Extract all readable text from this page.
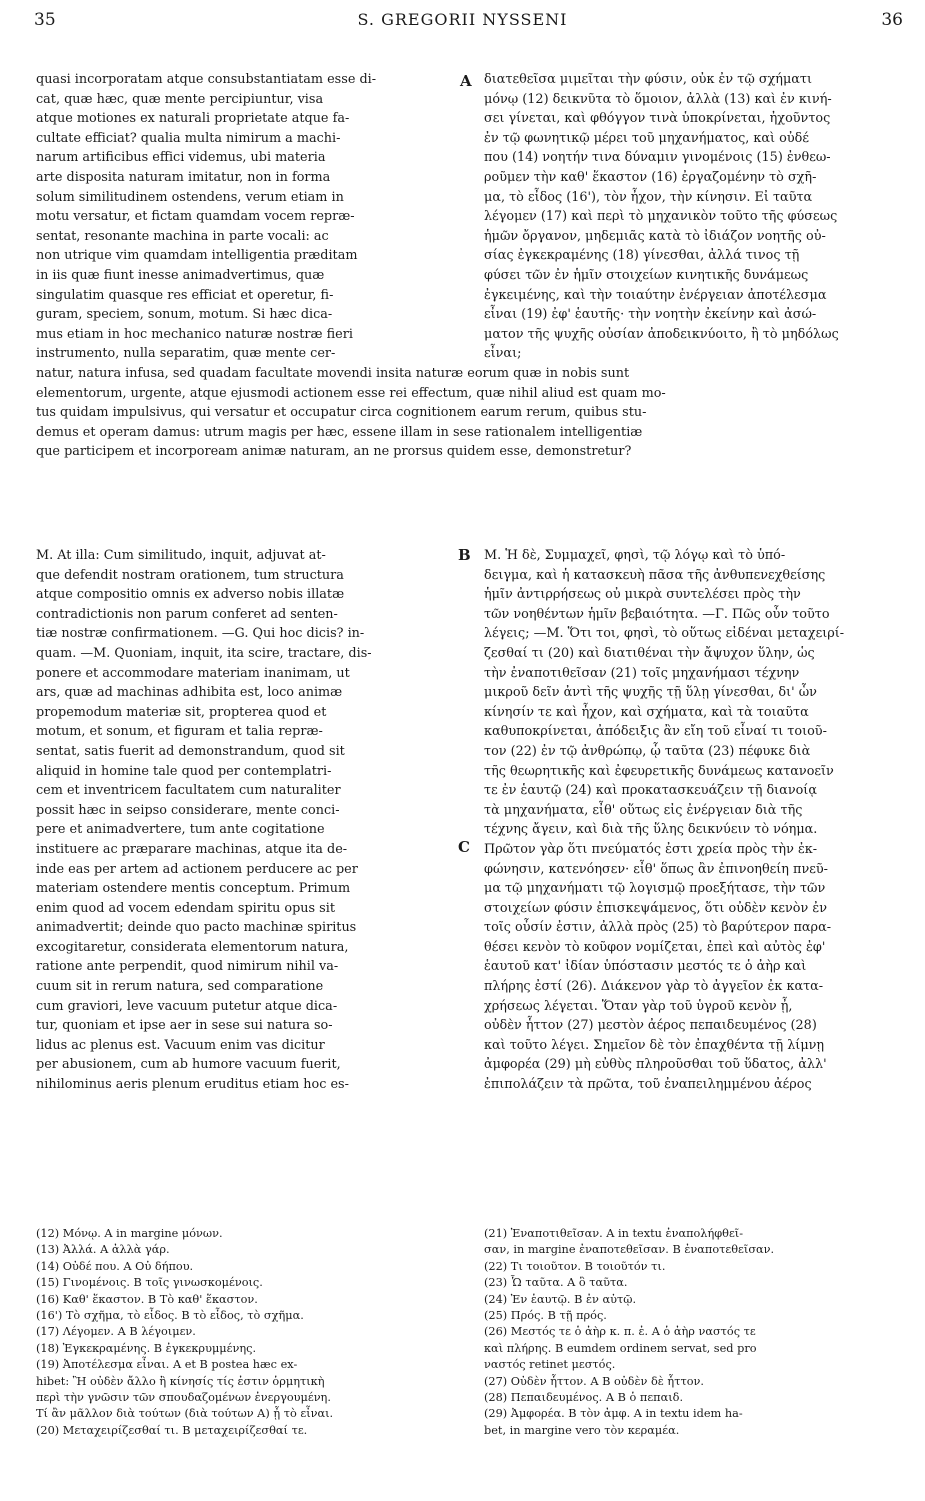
35	S. GREGORII NYSSENI	36
A
B
C
quasi incorporatam atque consubstantiatam esse di-
cat, quæ hæc, quæ mente percipiuntur, visa
atque motiones ex naturali proprietate atque fa-
cultate efficiat? qualia multa nimirum a machi-
narum artificibus effici videmus, ubi materia
arte disposita naturam imitatur, non in forma
solum similitudinem ostendens, verum etiam in
motu versatur, et fictam quamdam vocem repræ-
sentat, resonante machina in parte vocali: ac
non utrique vim quamdam intelligentia præditam
in iis quæ fiunt inesse animadvertimus, quæ
singulatim quasque res efficiat et operetur, fi-
guram, speciem, sonum, motum. Si hæc dica-
mus etiam in hoc mechanico naturæ nostræ fieri
instrumento, nulla separatim, quæ mente cer-
διατεθεῖσα μιμεῖται τὴν φύσιν, οὐκ ἐν τῷ σχήματι
μόνῳ (12) δεικνῦτα τὸ ὅμοιον, ἀλλὰ (13) καὶ ἐν κινή-
σει γίνεται, καὶ φθόγγον τινὰ ὑποκρίνεται, ἠχοῦντος
ἐν τῷ φωνητικῷ μέρει τοῦ μηχανήματος, καὶ οὐδέ
που (14) νοητήν τινα δύναμιν γινομένοις (15) ἐνθεω-
ροῦμεν τὴν καθ' ἕκαστον (16) ἐργαζομένην τὸ σχῆ-
μα, τὸ εἶδος (16'), τὸν ἦχον, τὴν κίνησιν. Εἰ ταῦτα
λέγομεν (17) καὶ περὶ τὸ μηχανικὸν τοῦτο τῆς φύσεως
ἡμῶν ὄργανον, μηδεμιᾶς κατὰ τὸ ἰδιάζον νοητῆς οὐ-
σίας ἐγκεκραμένης (18) γίνεσθαι, ἀλλά τινος τῇ
φύσει τῶν ἐν ἡμῖν στοιχείων κινητικῆς δυνάμεως
ἐγκειμένης, καὶ τὴν τοιαύτην ἐνέργειαν ἀποτέλεσμα
εἶναι (19) ἐφ' ἑαυτῆς· τὴν νοητὴν ἐκείνην καὶ ἀσώ-
ματον τῆς ψυχῆς οὐσίαν ἀποδεικνύοιτο, ἢ τὸ μηδόλως
εἶναι;
natur, natura infusa, sed quadam facultate movendi insita naturæ eorum quæ in nobis sunt
elementorum, urgente, atque ejusmodi actionem esse rei effectum, quæ nihil aliud est quam mo-
tus quidam impulsivus, qui versatur et occupatur circa cognitionem earum rerum, quibus stu-
demus et operam damus: utrum magis per hæc, essene illam in sese rationalem intelligentiæ
que participem et incorpoream animæ naturam, an ne prorsus quidem esse, demonstretur?
M. At illa: Cum similitudo, inquit, adjuvat at-
que defendit nostram orationem, tum structura
atque compositio omnis ex adverso nobis illatæ
contradictionis non parum conferet ad senten-
tiæ nostræ confirmationem. —G. Qui hoc dicis? in-
quam. —M. Quoniam, inquit, ita scire, tractare, dis-
ponere et accommodare materiam inanimam, ut
ars, quæ ad machinas adhibita est, loco animæ
propemodum materiæ sit, propterea quod et
motum, et sonum, et figuram et talia repræ-
sentat, satis fuerit ad demonstrandum, quod sit
aliquid in homine tale quod per contemplatri-
cem et inventricem facultatem cum naturaliter
possit hæc in seipso considerare, mente conci-
pere et animadvertere, tum ante cogitatione
instituere ac præparare machinas, atque ita de-
inde eas per artem ad actionem perducere ac per
materiam ostendere mentis conceptum. Primum
enim quod ad vocem edendam spiritu opus sit
animadvertit; deinde quo pacto machinæ spiritus
excogitaretur, considerata elementorum natura,
ratione ante perpendit, quod nimirum nihil va-
cuum sit in rerum natura, sed comparatione
cum graviori, leve vacuum putetur atque dica-
tur, quoniam et ipse aer in sese sui natura so-
lidus ac plenus est. Vacuum enim vas dicitur
per abusionem, cum ab humore vacuum fuerit,
nihilominus aeris plenum eruditus etiam hoc es-
M. Ἡ δὲ, Συμμαχεῖ, φησὶ, τῷ λόγῳ καὶ τὸ ὑπό-
δειγμα, καὶ ἡ κατασκευὴ πᾶσα τῆς ἀνθυπενεχθείσης
ἡμῖν ἀντιρρήσεως οὐ μικρὰ συντελέσει πρὸς τὴν
τῶν νοηθέντων ἡμῖν βεβαιότητα. —Γ. Πῶς οὖν τοῦτο
λέγεις; —Μ. Ὅτι τοι, φησὶ, τὸ οὕτως εἰδέναι μεταχειρί-
ζεσθαί τι (20) καὶ διατιθέναι τὴν ἄψυχον ὕλην, ὡς
τὴν ἐναποτιθεῖσαν (21) τοῖς μηχανήμασι τέχνην
μικροῦ δεῖν ἀντὶ τῆς ψυχῆς τῇ ὕλῃ γίνεσθαι, δι' ὧν
κίνησίν τε καὶ ἦχον, καὶ σχήματα, καὶ τὰ τοιαῦτα
καθυποκρίνεται, ἀπόδειξις ἂν εἴη τοῦ εἶναί τι τοιοῦ-
τον (22) ἐν τῷ ἀνθρώπῳ, ᾧ ταῦτα (23) πέφυκε διὰ
τῆς θεωρητικῆς καὶ ἐφευρετικῆς δυνάμεως κατανοεῖν
τε ἐν ἑαυτῷ (24) καὶ προκατασκευάζειν τῇ διανοίᾳ
τὰ μηχανήματα, εἶθ' οὕτως εἰς ἐνέργειαν διὰ τῆς
τέχνης ἄγειν, καὶ διὰ τῆς ὕλης δεικνύειν τὸ νόημα.
Πρῶτον γὰρ ὅτι πνεύματός ἐστι χρεία πρὸς τὴν ἐκ-
φώνησιν, κατενόησεν· εἶθ' ὅπως ἂν ἐπινοηθείη πνεῦ-
μα τῷ μηχανήματι τῷ λογισμῷ προεξήτασε, τὴν τῶν
στοιχείων φύσιν ἐπισκεψάμενος, ὅτι οὐδὲν κενὸν ἐν
τοῖς οὖσίν ἐστιν, ἀλλὰ πρὸς (25) τὸ βαρύτερον παρα-
θέσει κενὸν τὸ κοῦφον νομίζεται, ἐπεὶ καὶ αὐτὸς ἐφ'
ἑαυτοῦ κατ' ἰδίαν ὑπόστασιν μεστός τε ὁ ἀὴρ καὶ
πλήρης ἐστί (26). Διάκενον γὰρ τὸ ἀγγεῖον ἐκ κατα-
χρήσεως λέγεται. Ὅταν γὰρ τοῦ ὑγροῦ κενὸν ᾖ,
οὐδὲν ἧττον (27) μεστὸν ἀέρος πεπαιδευμένος (28)
καὶ τοῦτο λέγει. Σημεῖον δὲ τὸν ἐπαχθέντα τῇ λίμνῃ
ἀμφορέα (29) μὴ εὐθὺς πληροῦσθαι τοῦ ὕδατος, ἀλλ'
ἐπιπολάζειν τὰ πρῶτα, τοῦ ἐναπειλημμένου ἀέρος
(12) Μόνῳ. A in margine μόνων.
(13) Ἀλλά. A ἀλλὰ γάρ.
(14) Οὐδέ που. A Οὐ δήπου.
(15) Γινομένοις. B τοῖς γινωσκομένοις.
(16) Καθ' ἕκαστον. B Τὸ καθ' ἕκαστον.
(16') Τὸ σχῆμα, τὸ εἶδος. B τὸ εἶδος, τὸ σχῆμα.
(17) Λέγομεν. A B λέγοιμεν.
(18) Ἐγκεκραμένης. B ἐγκεκρυμμένης.
(19) Ἀποτέλεσμα εἶναι. A et B postea hæc ex-
hibet: Ἢ οὐδὲν ἄλλο ἢ κίνησίς τίς ἐστιν ὁρμητικὴ
περὶ τὴν γνῶσιν τῶν σπουδαζομένων ἐνεργουμένη.
Τί ἂν μᾶλλον διὰ τούτων (διὰ τούτων A) ᾖ τὸ εἶναι.
(20) Μεταχειρίζεσθαί τι. B μεταχειρίζεσθαί τε.
(21) Ἐναποτιθεῖσαν. A in textu ἐναπολήφθεῖ-
σαν, in margine ἐναποτεθεῖσαν. B ἐναποτεθεῖσαν.
(22) Τι τοιοῦτον. B τοιοῦτόν τι.
(23) Ὧ ταῦτα. A ὃ ταῦτα.
(24) Ἐν ἑαυτῷ. B ἐν αὐτῷ.
(25) Πρός. B τῇ πρός.
(26) Μεστός τε ὁ ἀὴρ κ. π. ἐ. A ὁ ἀὴρ ναστός τε
καὶ πλήρης. B eumdem ordinem servat, sed pro
ναστός retinet μεστός.
(27) Οὐδὲν ἧττον. A B οὐδὲν δὲ ἧττον.
(28) Πεπαιδευμένος. A B ὁ πεπαιδ.
(29) Ἀμφορέα. B τὸν ἀμφ. A in textu idem ha-
bet, in margine vero τὸν κεραμέα.
